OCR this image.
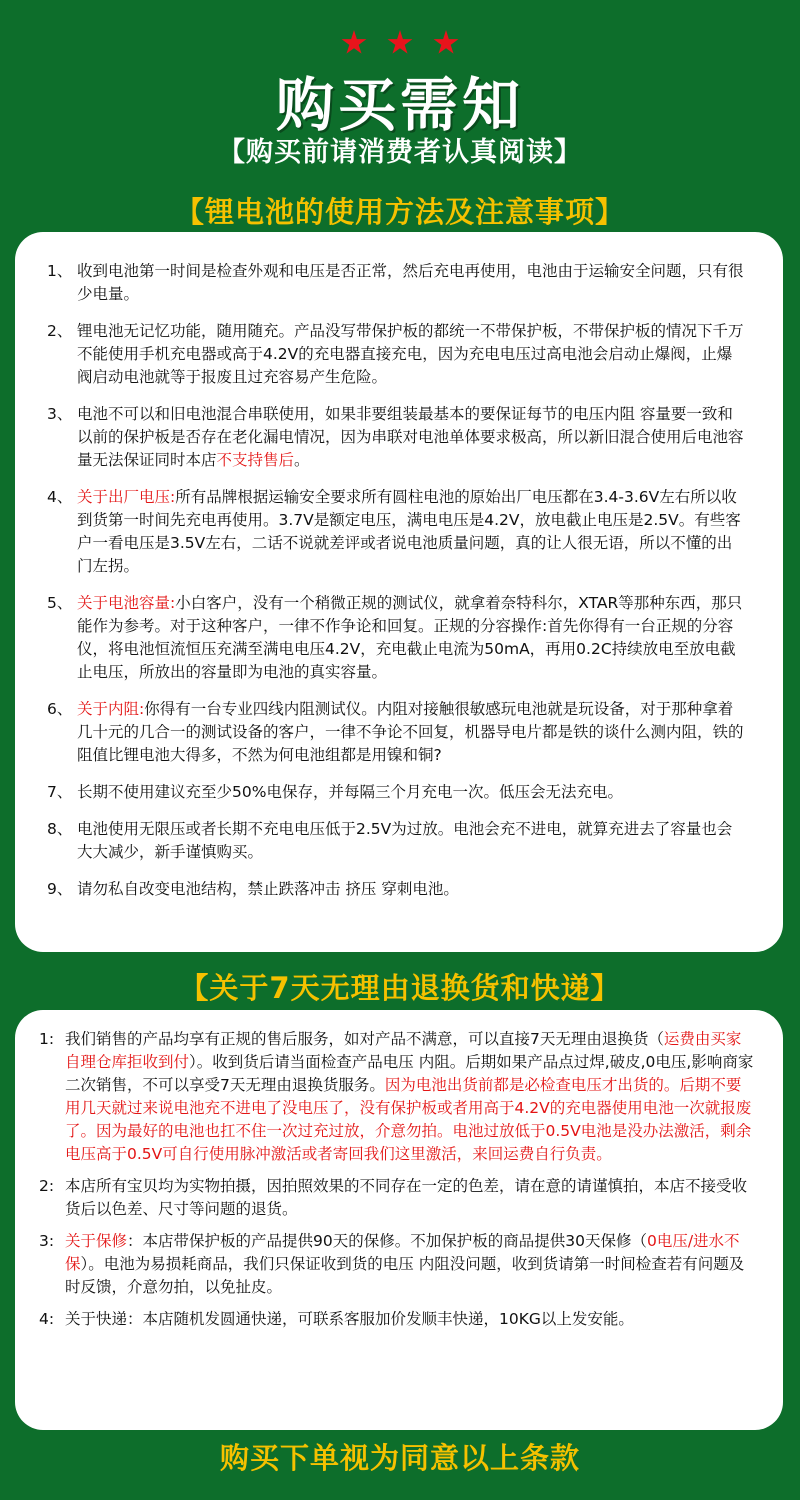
购买需知
【购买前请消费者认真阅读】
【锂电池的使用方法及注意事项】
1、 收到电池第一时间是检查外观和电压是否正常，然后充电再使用，电池由于运输安全问题，只有很少电量。
2、 锂电池无记忆功能，随用随充。产品没写带保护板的都统一不带保护板，不带保护板的情况下千万不能使用手机充电器或高于4.2V的充电器直接充电，因为充电电压过高电池会启动止爆阀，止爆阀启动电池就等于报废且过充容易产生危险。
3、 电池不可以和旧电池混合串联使用，如果非要组装最基本的要保证每节的电压内阻 容量要一致和以前的保护板是否存在老化漏电情况，因为串联对电池单体要求极高，所以新旧混合使用后电池容量无法保证同时本店不支持售后。
4、 关于出厂电压:所有品牌根据运输安全要求所有圆柱电池的原始出厂电压都在3.4-3.6V左右所以收到货第一时间先充电再使用。3.7V是额定电压，满电电压是4.2V，放电截止电压是2.5V。有些客户一看电压是3.5V左右，二话不说就差评或者说电池质量问题，真的让人很无语，所以不懂的出门左拐。
5、 关于电池容量:小白客户，没有一个稍微正规的测试仪，就拿着奈特科尔，XTAR等那种东西，那只能作为参考。对于这种客户，一律不作争论和回复。正规的分容操作:首先你得有一台正规的分容仪，将电池恒流恒压充满至满电电压4.2V，充电截止电流为50mA，再用0.2C持续放电至放电截止电压，所放出的容量即为电池的真实容量。
6、 关于内阻:你得有一台专业四线内阻测试仪。内阻对接触很敏感玩电池就是玩设备，对于那种拿着几十元的几合一的测试设备的客户，一律不争论不回复，机器导电片都是铁的谈什么测内阻，铁的阻值比锂电池大得多，不然为何电池组都是用镍和铜?
7、 长期不使用建议充至少50%电保存，并每隔三个月充电一次。低压会无法充电。
8、 电池使用无限压或者长期不充电电压低于2.5V为过放。电池会充不进电，就算充进去了容量也会大大减少，新手谨慎购买。
9、 请勿私自改变电池结构，禁止跌落冲击 挤压 穿刺电池。
【关于7天无理由退换货和快递】
1: 我们销售的产品均享有正规的售后服务，如对产品不满意，可以直接7天无理由退换货（运费由买家自理仓库拒收到付）。收到货后请当面检查产品电压 内阻。后期如果产品点过焊,破皮,0电压,影响商家二次销售，不可以享受7天无理由退换货服务。因为电池出货前都是必检查电压才出货的。后期不要用几天就过来说电池充不进电了没电压了，没有保护板或者用高于4.2V的充电器使用电池一次就报废了。因为最好的电池也扛不住一次过充过放，介意勿拍。电池过放低于0.5V电池是没办法激活，剩余电压高于0.5V可自行使用脉冲激活或者寄回我们这里激活，来回运费自行负责。
2: 本店所有宝贝均为实物拍摄，因拍照效果的不同存在一定的色差，请在意的请谨慎拍，本店不接受收货后以色差、尺寸等问题的退货。
3: 关于保修：本店带保护板的产品提供90天的保修。不加保护板的商品提供30天保修（0电压/进水不保）。电池为易损耗商品，我们只保证收到货的电压 内阻没问题，收到货请第一时间检查若有问题及时反馈，介意勿拍，以免扯皮。
4: 关于快递：本店随机发圆通快递，可联系客服加价发顺丰快递，10KG以上发安能。
购买下单视为同意以上条款
